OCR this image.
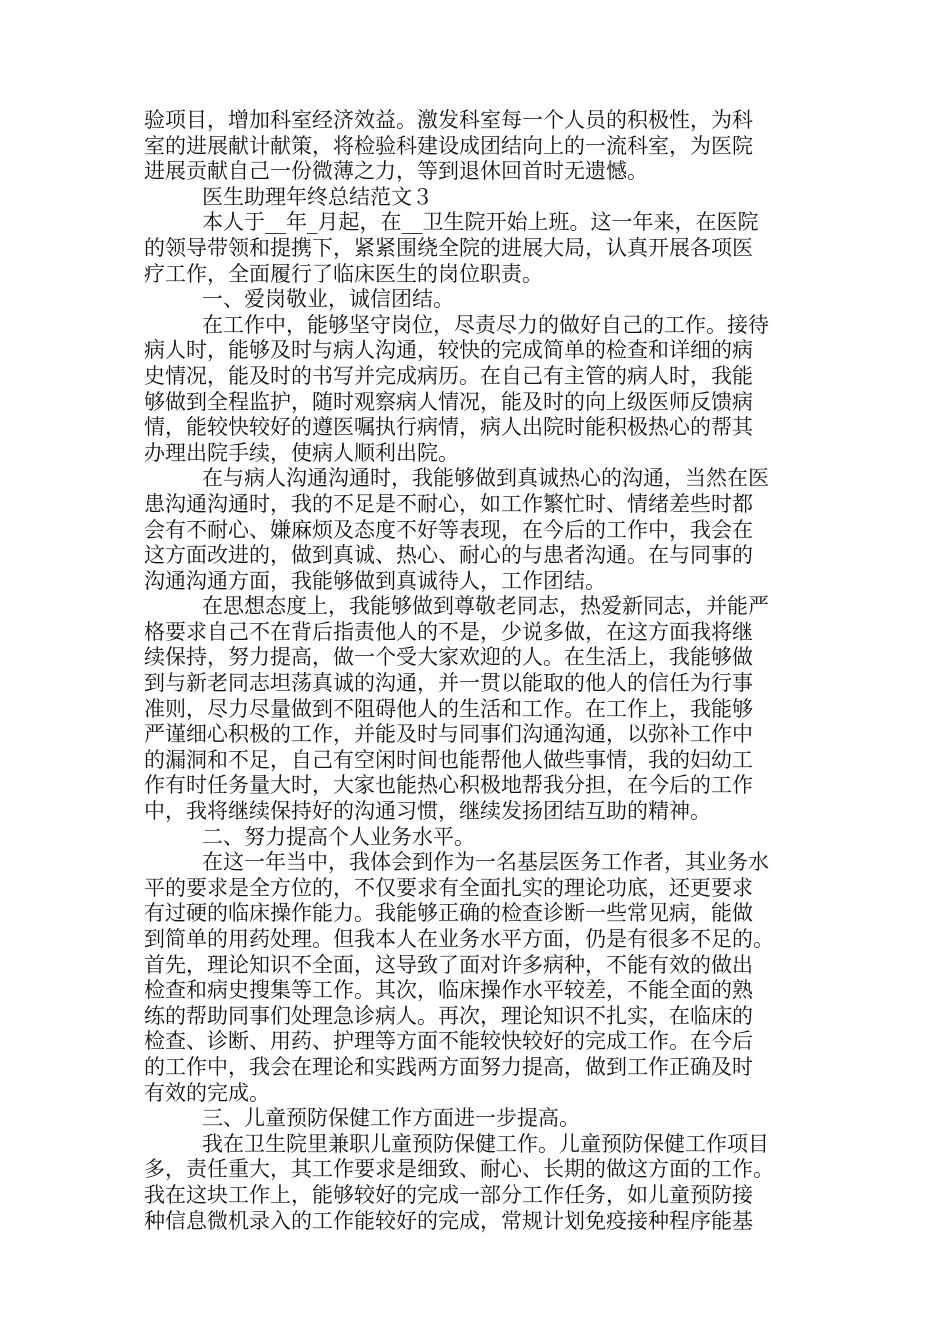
验项目，增加科室经济效益。激发科室每一个人员的积极性，为科
室的进展献计献策，将检验科建设成团结向上的一流科室，为医院
进展贡献自己一份微薄之力，等到退休回首时无遗憾。
医生助理年终总结范文３
本人于__年_月起，在__卫生院开始上班。这一年来，在医院
的领导带领和提携下，紧紧围绕全院的进展大局，认真开展各项医
疗工作，全面履行了临床医生的岗位职责。
一、爱岗敬业，诚信团结。
在工作中，能够坚守岗位，尽责尽力的做好自己的工作。接待
病人时，能够及时与病人沟通，较快的完成简单的检查和详细的病
史情况，能及时的书写并完成病历。在自己有主管的病人时，我能
够做到全程监护，随时观察病人情况，能及时的向上级医师反馈病
情，能较快较好的遵医嘱执行病情，病人出院时能积极热心的帮其
办理出院手续，使病人顺利出院。
在与病人沟通沟通时，我能够做到真诚热心的沟通，当然在医
患沟通沟通时，我的不足是不耐心，如工作繁忙时、情绪差些时都
会有不耐心、嫌麻烦及态度不好等表现，在今后的工作中，我会在
这方面改进的，做到真诚、热心、耐心的与患者沟通。在与同事的
沟通沟通方面，我能够做到真诚待人，工作团结。
在思想态度上，我能够做到尊敬老同志，热爱新同志，并能严
格要求自己不在背后指责他人的不是，少说多做，在这方面我将继
续保持，努力提高，做一个受大家欢迎的人。在生活上，我能够做
到与新老同志坦荡真诚的沟通，并一贯以能取的他人的信任为行事
准则，尽力尽量做到不阻碍他人的生活和工作。在工作上，我能够
严谨细心积极的工作，并能及时与同事们沟通沟通，以弥补工作中
的漏洞和不足，自己有空闲时间也能帮他人做些事情，我的妇幼工
作有时任务量大时，大家也能热心积极地帮我分担，在今后的工作
中，我将继续保持好的沟通习惯，继续发扬团结互助的精神。
二、努力提高个人业务水平。
在这一年当中，我体会到作为一名基层医务工作者，其业务水
平的要求是全方位的，不仅要求有全面扎实的理论功底，还更要求
有过硬的临床操作能力。我能够正确的检查诊断一些常见病，能做
到简单的用药处理。但我本人在业务水平方面，仍是有很多不足的。
首先，理论知识不全面，这导致了面对许多病种，不能有效的做出
检查和病史搜集等工作。其次，临床操作水平较差，不能全面的熟
练的帮助同事们处理急诊病人。再次，理论知识不扎实，在临床的
检查、诊断、用药、护理等方面不能较快较好的完成工作。在今后
的工作中，我会在理论和实践两方面努力提高，做到工作正确及时
有效的完成。
三、儿童预防保健工作方面进一步提高。
我在卫生院里兼职儿童预防保健工作。儿童预防保健工作项目
多，责任重大，其工作要求是细致、耐心、长期的做这方面的工作。
我在这块工作上，能够较好的完成一部分工作任务，如儿童预防接
种信息微机录入的工作能较好的完成，常规计划免疫接种程序能基
